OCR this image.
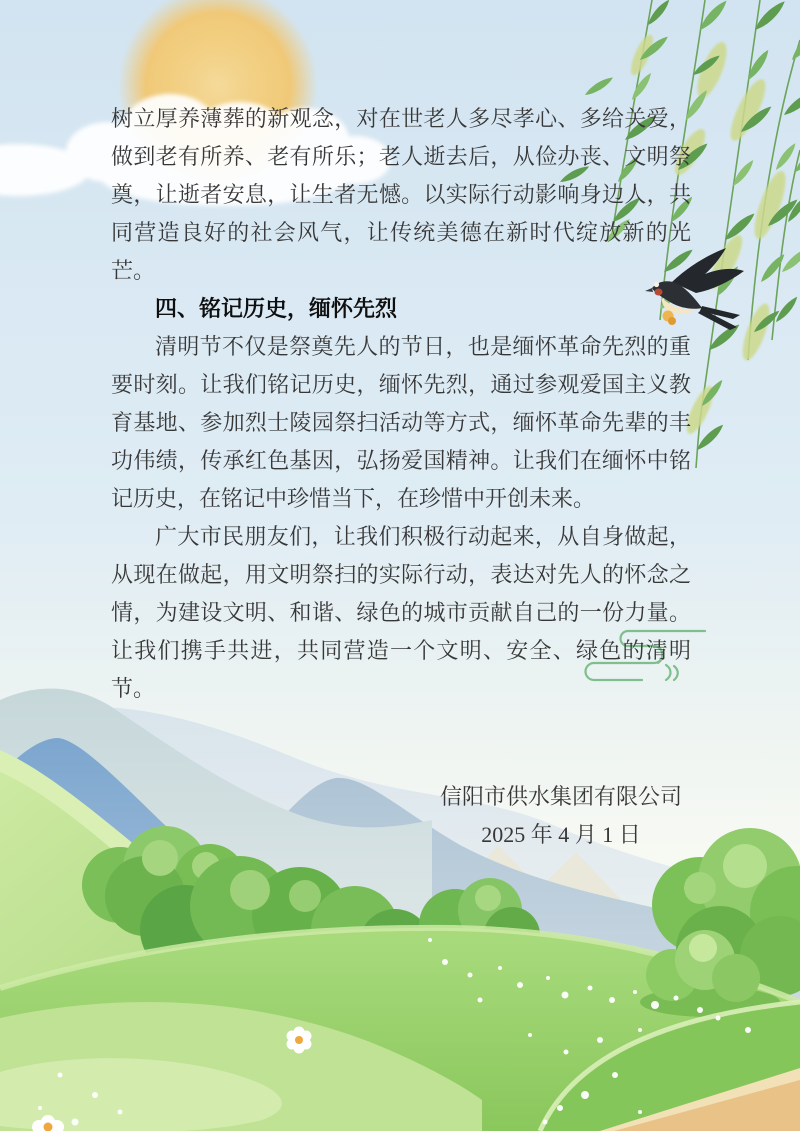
树立厚养薄葬的新观念，对在世老人多尽孝心、多给关爱，做到老有所养、老有所乐；老人逝去后，从俭办丧、文明祭奠，让逝者安息，让生者无憾。以实际行动影响身边人，共同营造良好的社会风气，让传统美德在新时代绽放新的光芒。

四、铭记历史，缅怀先烈

清明节不仅是祭奠先人的节日，也是缅怀革命先烈的重要时刻。让我们铭记历史，缅怀先烈，通过参观爱国主义教育基地、参加烈士陵园祭扫活动等方式，缅怀革命先辈的丰功伟绩，传承红色基因，弘扬爱国精神。让我们在缅怀中铭记历史，在铭记中珍惜当下，在珍惜中开创未来。

广大市民朋友们，让我们积极行动起来，从自身做起，从现在做起，用文明祭扫的实际行动，表达对先人的怀念之情，为建设文明、和谐、绿色的城市贡献自己的一份力量。让我们携手共进，共同营造一个文明、安全、绿色的清明节。

信阳市供水集团有限公司
2025 年 4 月 1 日
